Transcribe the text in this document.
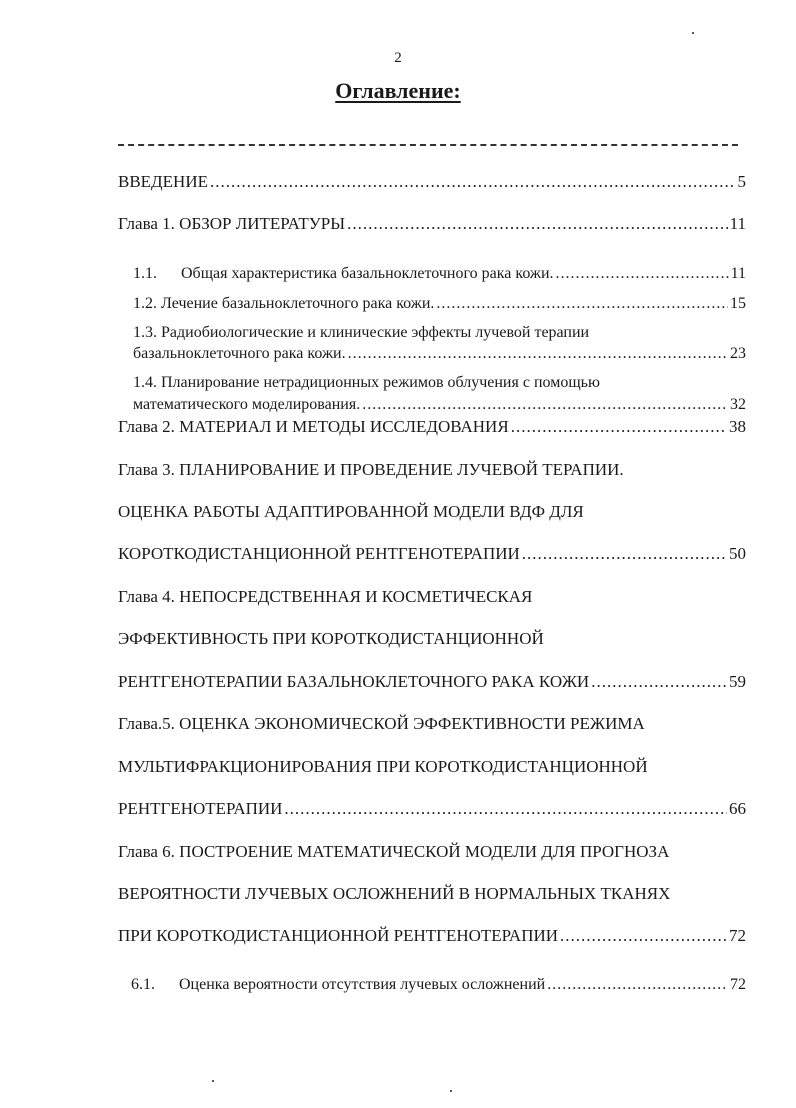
2
Оглавление:
ВВЕДЕНИЕ .....	5
Глава 1. ОБЗОР ЛИТЕРАТУРЫ .....	11
1.1. Общая характеристика базальноклеточного рака кожи. .....	11
1.2. Лечение базальноклеточного рака кожи. .....	15
1.3. Радиобиологические и клинические эффекты лучевой терапии
базальноклеточного рака кожи. .....	23
1.4. Планирование нетрадиционных режимов облучения с помощью
математического моделирования. .....	32
Глава 2. МАТЕРИАЛ И МЕТОДЫ ИССЛЕДОВАНИЯ .....	38
Глава 3. ПЛАНИРОВАНИЕ И ПРОВЕДЕНИЕ ЛУЧЕВОЙ ТЕРАПИИ.
ОЦЕНКА РАБОТЫ АДАПТИРОВАННОЙ МОДЕЛИ ВДФ ДЛЯ
КОРОТКОДИСТАНЦИОННОЙ РЕНТГЕНОТЕРАПИИ .....	50
Глава 4. НЕПОСРЕДСТВЕННАЯ И КОСМЕТИЧЕСКАЯ
ЭФФЕКТИВНОСТЬ ПРИ КОРОТКОДИСТАНЦИОННОЙ
РЕНТГЕНОТЕРАПИИ БАЗАЛЬНОКЛЕТОЧНОГО РАКА КОЖИ .....	59
Глава.5. ОЦЕНКА ЭКОНОМИЧЕСКОЙ ЭФФЕКТИВНОСТИ РЕЖИМА
МУЛЬТИФРАКЦИОНИРОВАНИЯ ПРИ КОРОТКОДИСТАНЦИОННОЙ
РЕНТГЕНОТЕРАПИИ .....	66
Глава 6. ПОСТРОЕНИЕ МАТЕМАТИЧЕСКОЙ МОДЕЛИ ДЛЯ ПРОГНОЗА
ВЕРОЯТНОСТИ ЛУЧЕВЫХ ОСЛОЖНЕНИЙ В НОРМАЛЬНЫХ ТКАНЯХ
ПРИ КОРОТКОДИСТАНЦИОННОЙ РЕНТГЕНОТЕРАПИИ .....	72
6.1. Оценка вероятности отсутствия лучевых осложнений .....	72
